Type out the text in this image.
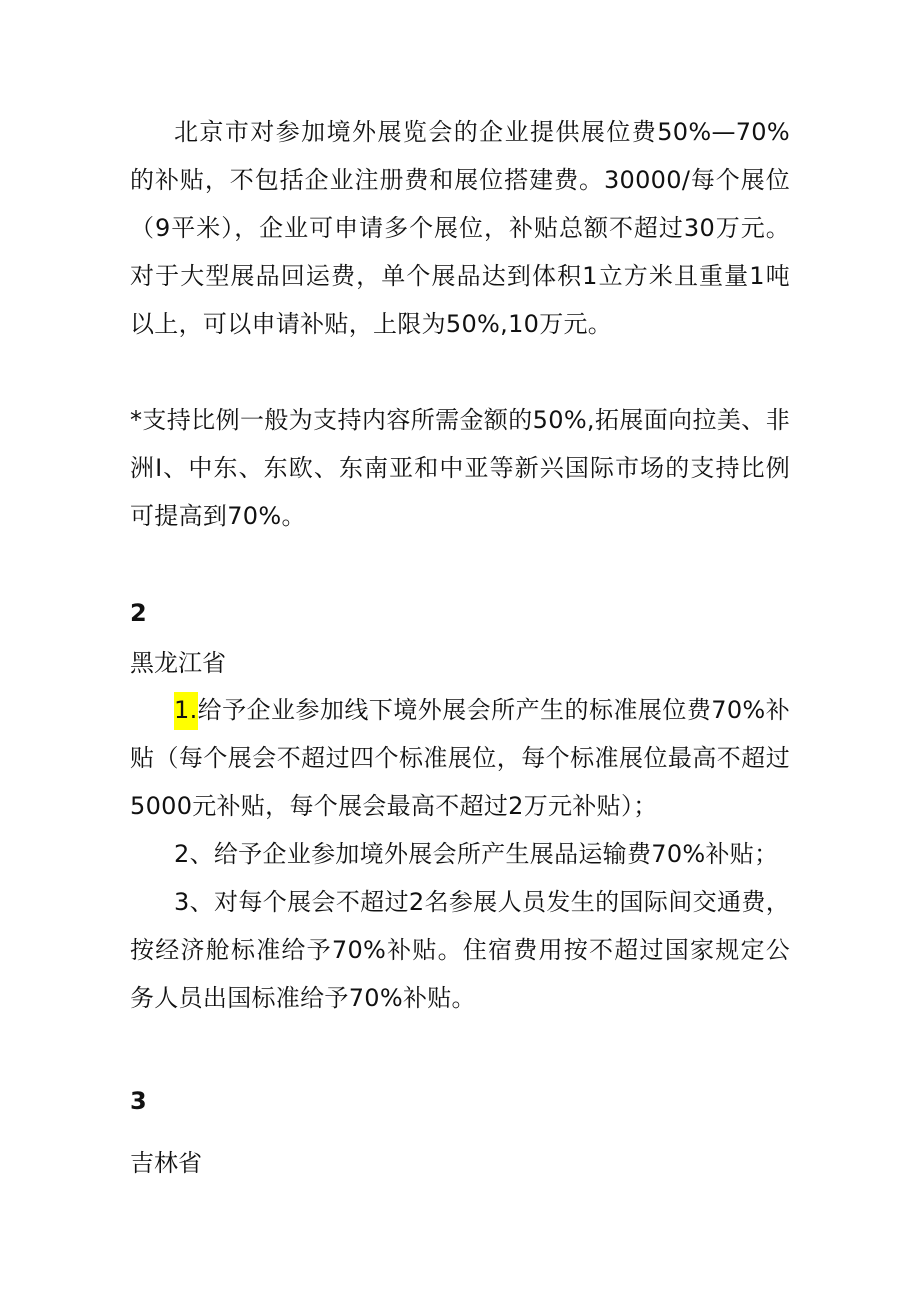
北京市对参加境外展览会的企业提供展位费50%—70%的补贴，不包括企业注册费和展位搭建费。30000/每个展位（9平米），企业可申请多个展位，补贴总额不超过30万元。对于大型展品回运费，单个展品达到体积1立方米且重量1吨以上，可以申请补贴，上限为50%,10万元。

*支持比例一般为支持内容所需金额的50%,拓展面向拉美、非洲I、中东、东欧、东南亚和中亚等新兴国际市场的支持比例可提高到70%。

2
黑龙江省

1.给予企业参加线下境外展会所产生的标准展位费70%补贴（每个展会不超过四个标准展位，每个标准展位最高不超过5000元补贴，每个展会最高不超过2万元补贴）；

2、给予企业参加境外展会所产生展品运输费70%补贴；

3、对每个展会不超过2名参展人员发生的国际间交通费，按经济舱标准给予70%补贴。住宿费用按不超过国家规定公务人员出国标准给予70%补贴。

3
吉林省
